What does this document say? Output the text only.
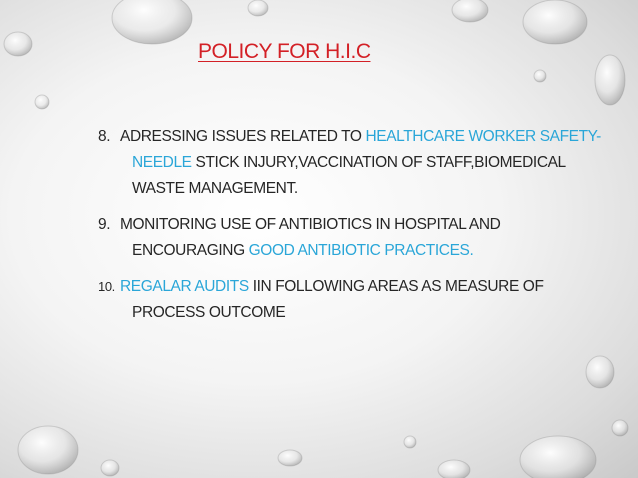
POLICY FOR H.I.C
8. ADRESSING ISSUES RELATED TO HEALTHCARE WORKER SAFETY-
NEEDLE STICK INJURY,VACCINATION OF STAFF,BIOMEDICAL
WASTE MANAGEMENT.
9. MONITORING USE OF ANTIBIOTICS IN HOSPITAL AND
ENCOURAGING GOOD ANTIBIOTIC PRACTICES.
10. REGALAR AUDITS IIN FOLLOWING AREAS AS MEASURE OF
PROCESS OUTCOME
